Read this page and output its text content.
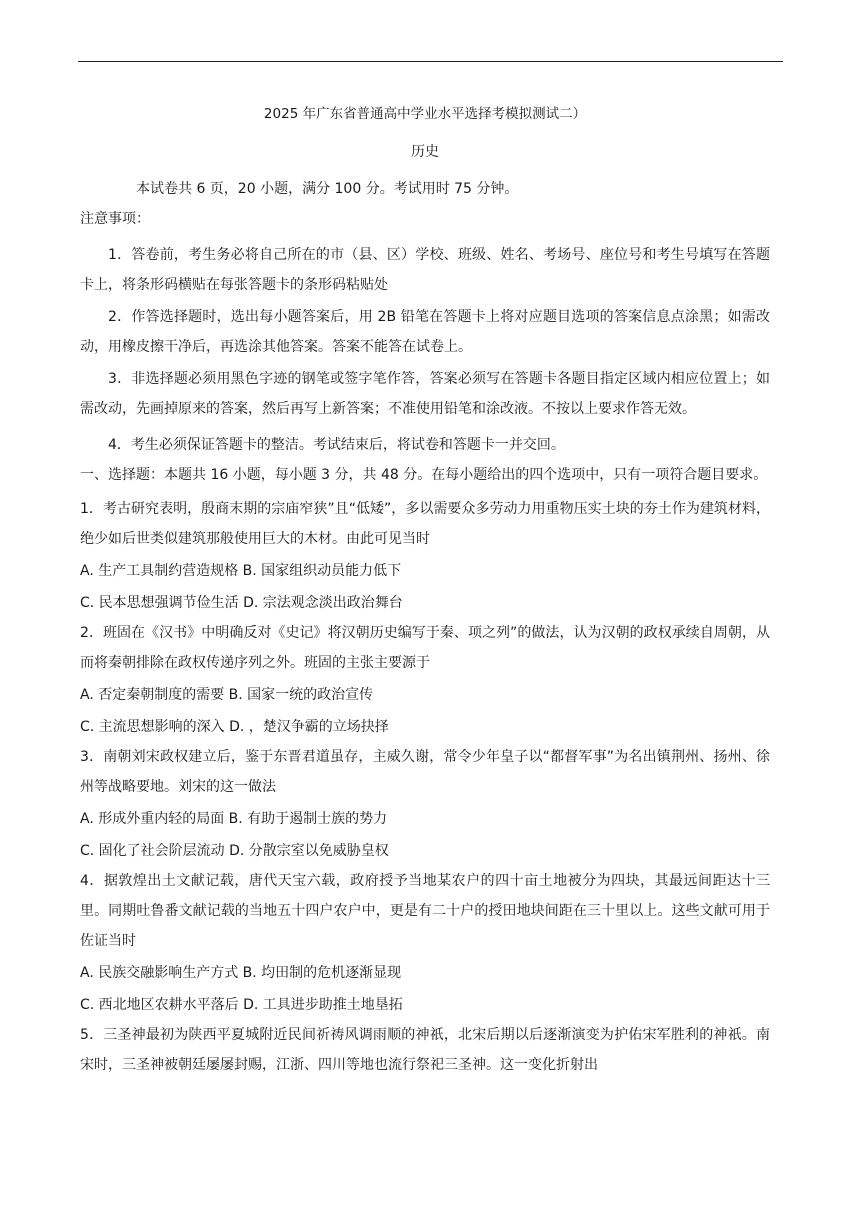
2025 年广东省普通高中学业水平选择考模拟测试二）
历史

本试卷共 6 页，20 小题，满分 100 分。考试用时 75 分钟。

注意事项：

1．答卷前，考生务必将自己所在的市（县、区）学校、班级、姓名、考场号、座位号和考生号填写在答题卡上，将条形码横贴在每张答题卡的条形码粘贴处

2．作答选择题时，选出每小题答案后，用 2B 铅笔在答题卡上将对应题目选项的答案信息点涂黑；如需改动，用橡皮擦干净后，再选涂其他答案。答案不能答在试卷上。

3．非选择题必须用黑色字迹的钢笔或签字笔作答，答案必须写在答题卡各题目指定区域内相应位置上；如需改动，先画掉原来的答案，然后再写上新答案；不准使用铅笔和涂改液。不按以上要求作答无效。

4．考生必须保证答题卡的整洁。考试结束后，将试卷和答题卡一并交回。

一、选择题：本题共 16 小题，每小题 3 分，共 48 分。在每小题给出的四个选项中，只有一项符合题目要求。

1．考古研究表明，殷商末期的宗庙窄狭”且“低矮”，多以需要众多劳动力用重物压实土块的夯土作为建筑材料，绝少如后世类似建筑那般使用巨大的木材。由此可见当时

A. 生产工具制约营造规格 B. 国家组织动员能力低下

C. 民本思想强调节俭生活 D. 宗法观念淡出政治舞台

2．班固在《汉书》中明确反对《史记》将汉朝历史编写于秦、项之列”的做法，认为汉朝的政权承续自周朝，从而将秦朝排除在政权传递序列之外。班固的主张主要源于

A. 否定秦朝制度的需要 B. 国家一统的政治宣传

C. 主流思想影响的深入 D. ，楚汉争霸的立场抉择

3．南朝刘宋政权建立后，鉴于东晋君道虽存，主威久谢，常令少年皇子以“都督军事”为名出镇荆州、扬州、徐州等战略要地。刘宋的这一做法

A. 形成外重内轻的局面 B. 有助于遏制士族的势力

C. 固化了社会阶层流动 D. 分散宗室以免威胁皇权

4．据敦煌出土文献记载，唐代天宝六载，政府授予当地某农户的四十亩土地被分为四块，其最远间距达十三里。同期吐鲁番文献记载的当地五十四户农户中，更是有二十户的授田地块间距在三十里以上。这些文献可用于佐证当时

A. 民族交融影响生产方式 B. 均田制的危机逐渐显现

C. 西北地区农耕水平落后 D. 工具进步助推土地垦拓

5．三圣神最初为陕西平夏城附近民间祈祷风调雨顺的神祇，北宋后期以后逐渐演变为护佑宋军胜利的神祇。南宋时，三圣神被朝廷屡屡封赐，江浙、四川等地也流行祭祀三圣神。这一变化折射出
